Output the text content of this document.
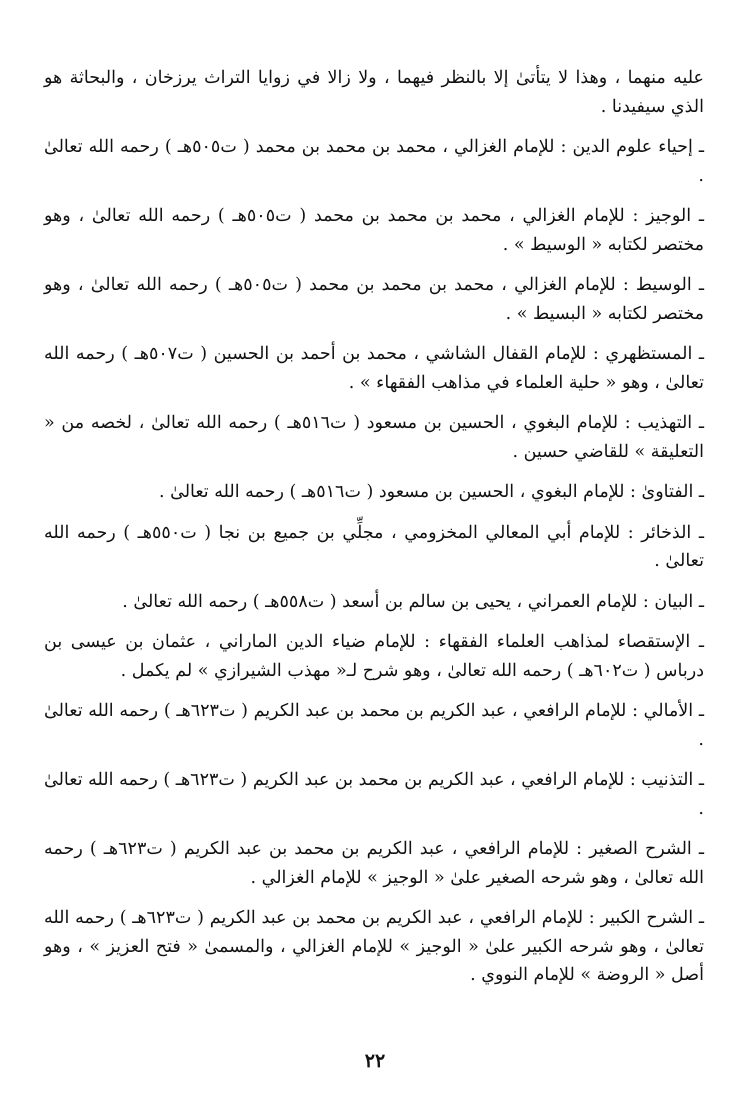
عليه منهما ، وهذا لا يتأتىٰ إلا بالنظر فيهما ، ولا زالا في زوايا التراث يرزخان ، والبحاثة هو الذي سيفيدنا .

ـ إحياء علوم الدين : للإمام الغزالي ، محمد بن محمد بن محمد ( ت٥٠٥هـ ) رحمه الله تعالىٰ .

ـ الوجيز : للإمام الغزالي ، محمد بن محمد بن محمد ( ت٥٠٥هـ ) رحمه الله تعالىٰ ، وهو مختصر لكتابه « الوسيط » .

ـ الوسيط : للإمام الغزالي ، محمد بن محمد بن محمد ( ت٥٠٥هـ ) رحمه الله تعالىٰ ، وهو مختصر لكتابه « البسيط » .

ـ المستظهري : للإمام القفال الشاشي ، محمد بن أحمد بن الحسين ( ت٥٠٧هـ ) رحمه الله تعالىٰ ، وهو « حلية العلماء في مذاهب الفقهاء » .

ـ التهذيب : للإمام البغوي ، الحسين بن مسعود ( ت٥١٦هـ ) رحمه الله تعالىٰ ، لخصه من « التعليقة » للقاضي حسين .

ـ الفتاوىٰ : للإمام البغوي ، الحسين بن مسعود ( ت٥١٦هـ ) رحمه الله تعالىٰ .

ـ الذخائر : للإمام أبي المعالي المخزومي ، مجلِّي بن جميع بن نجا ( ت٥٥٠هـ ) رحمه الله تعالىٰ .

ـ البيان : للإمام العمراني ، يحيى بن سالم بن أسعد ( ت٥٥٨هـ ) رحمه الله تعالىٰ .

ـ الإستقصاء لمذاهب العلماء الفقهاء : للإمام ضياء الدين الماراني ، عثمان بن عيسى بن درباس ( ت٦٠٢هـ ) رحمه الله تعالىٰ ، وهو شرح لـ« مهذب الشيرازي » لم يكمل .

ـ الأمالي : للإمام الرافعي ، عبد الكريم بن محمد بن عبد الكريم ( ت٦٢٣هـ ) رحمه الله تعالىٰ .

ـ التذنيب : للإمام الرافعي ، عبد الكريم بن محمد بن عبد الكريم ( ت٦٢٣هـ ) رحمه الله تعالىٰ .

ـ الشرح الصغير : للإمام الرافعي ، عبد الكريم بن محمد بن عبد الكريم ( ت٦٢٣هـ ) رحمه الله تعالىٰ ، وهو شرحه الصغير علىٰ « الوجيز » للإمام الغزالي .

ـ الشرح الكبير : للإمام الرافعي ، عبد الكريم بن محمد بن عبد الكريم ( ت٦٢٣هـ ) رحمه الله تعالىٰ ، وهو شرحه الكبير علىٰ « الوجيز » للإمام الغزالي ، والمسمىٰ « فتح العزيز » ، وهو أصل « الروضة » للإمام النووي .

٢٢
